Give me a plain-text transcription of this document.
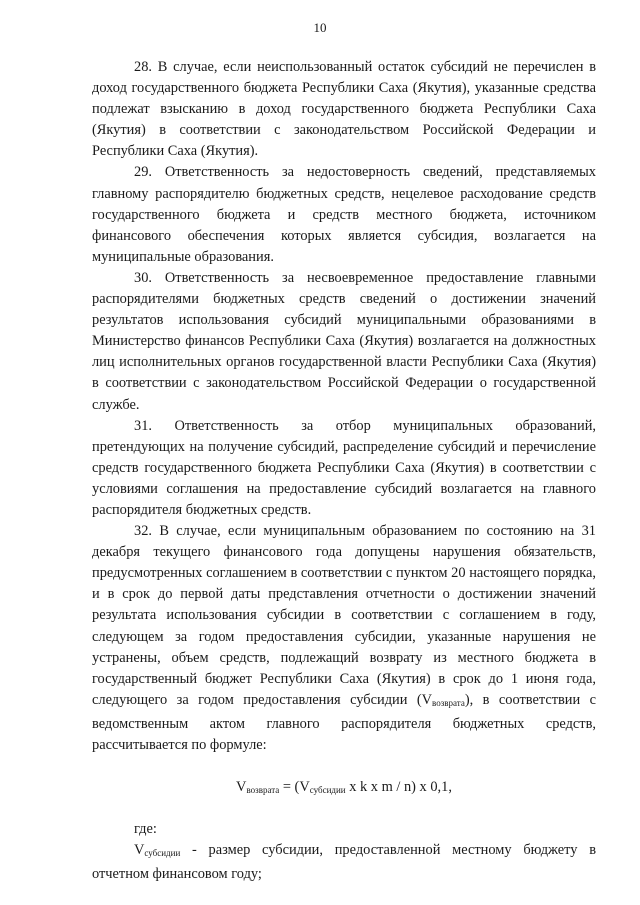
10

28. В случае, если неиспользованный остаток субсидий не перечислен в доход государственного бюджета Республики Саха (Якутия), указанные средства подлежат взысканию в доход государственного бюджета Республики Саха (Якутия) в соответствии с законодательством Российской Федерации и Республики Саха (Якутия).

29. Ответственность за недостоверность сведений, представляемых главному распорядителю бюджетных средств, нецелевое расходование средств государственного бюджета и средств местного бюджета, источником финансового обеспечения которых является субсидия, возлагается на муниципальные образования.

30. Ответственность за несвоевременное предоставление главными распорядителями бюджетных средств сведений о достижении значений результатов использования субсидий муниципальными образованиями в Министерство финансов Республики Саха (Якутия) возлагается на должностных лиц исполнительных органов государственной власти Республики Саха (Якутия) в соответствии с законодательством Российской Федерации о государственной службе.

31. Ответственность за отбор муниципальных образований, претендующих на получение субсидий, распределение субсидий и перечисление средств государственного бюджета Республики Саха (Якутия) в соответствии с условиями соглашения на предоставление субсидий возлагается на главного распорядителя бюджетных средств.

32. В случае, если муниципальным образованием по состоянию на 31 декабря текущего финансового года допущены нарушения обязательств, предусмотренных соглашением в соответствии с пунктом 20 настоящего порядка, и в срок до первой даты представления отчетности о достижении значений результата использования субсидии в соответствии с соглашением в году, следующем за годом предоставления субсидии, указанные нарушения не устранены, объем средств, подлежащий возврату из местного бюджета в государственный бюджет Республики Саха (Якутия) в срок до 1 июня года, следующего за годом предоставления субсидии $(V_{возврата})$, в соответствии с ведомственным актом главного распорядителя бюджетных средств, рассчитывается по формуле:

$V_{возврата} = (V_{субсидии}$ x k x m / n) x 0,1,

где:

$V_{субсидии}$ - размер субсидии, предоставленной местному бюджету в отчетном финансовом году;
